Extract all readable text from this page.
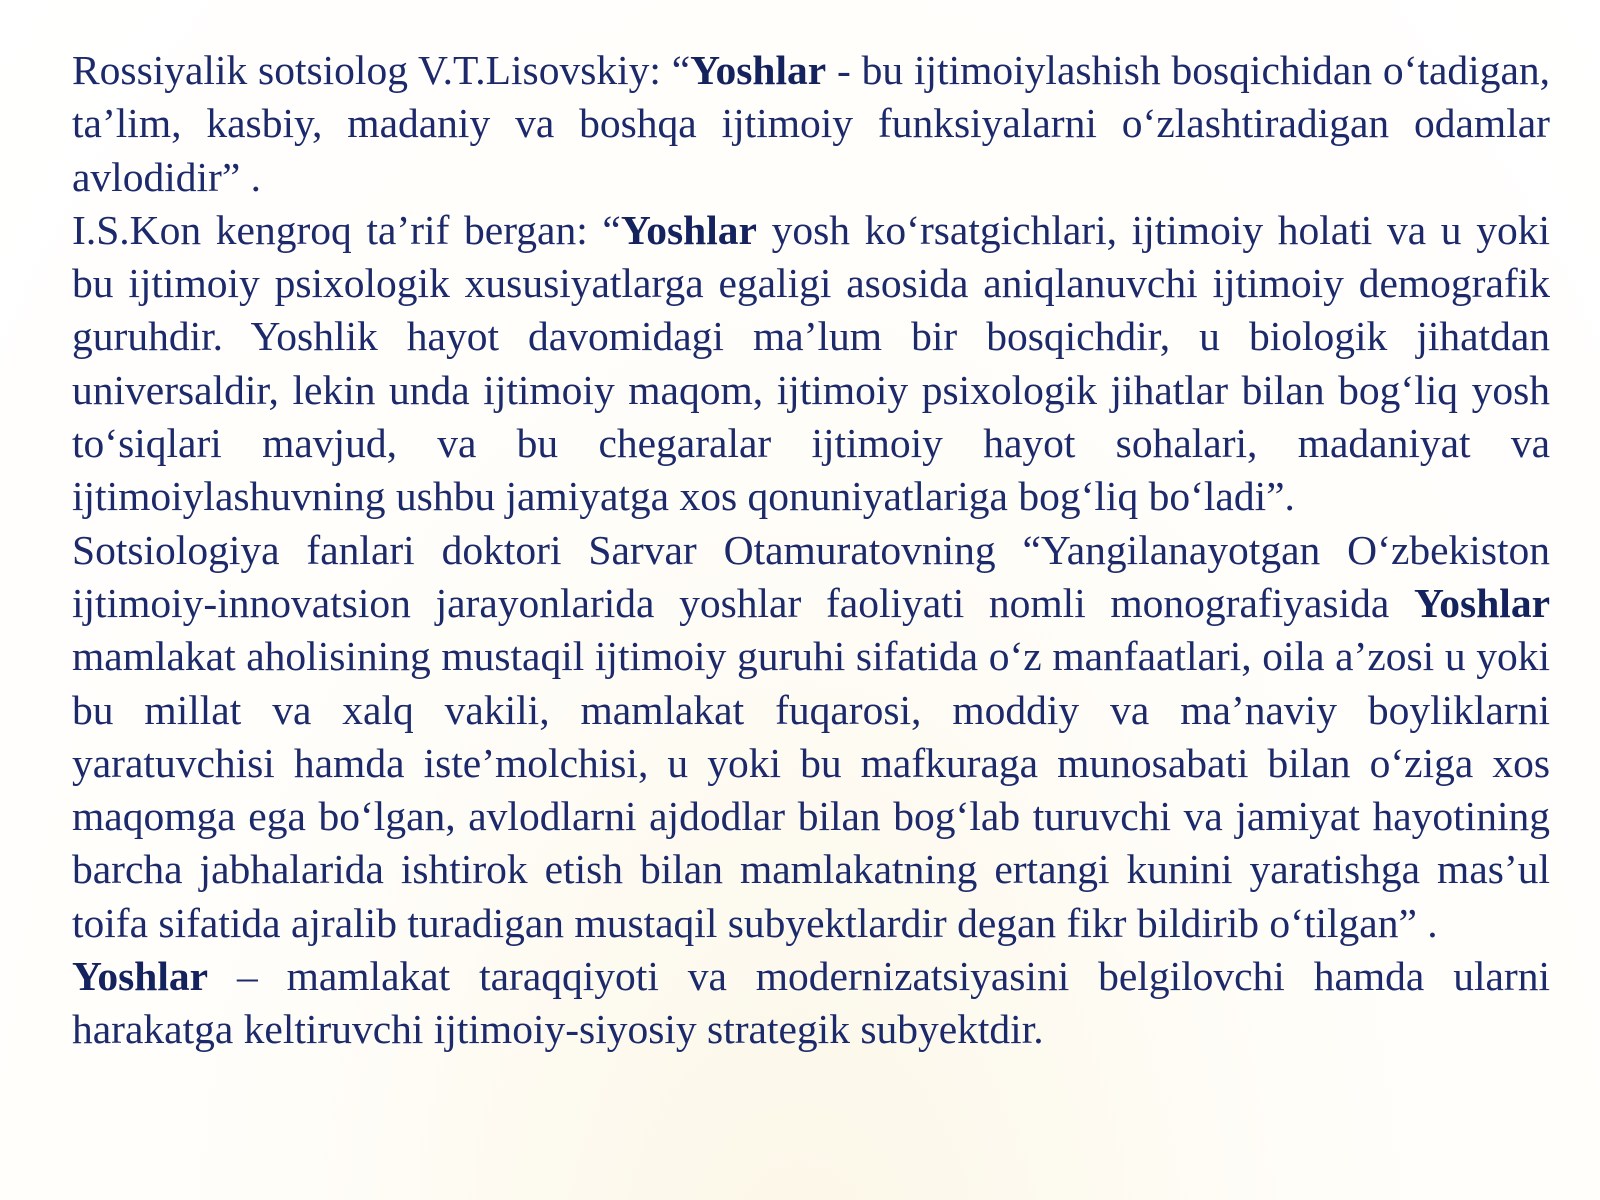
Rossiyalik sotsiolog V.T.Lisovskiy: “Yoshlar - bu ijtimoiylashish bosqichidan o‘tadigan, ta’lim, kasbiy, madaniy va boshqa ijtimoiy funksiyalarni o‘zlashtiradigan odamlar avlodidir” .

I.S.Kon kengroq ta’rif bergan: “Yoshlar yosh ko‘rsatgichlari, ijtimoiy holati va u yoki bu ijtimoiy psixologik xususiyatlarga egaligi asosida aniqlanuvchi ijtimoiy demografik guruhdir. Yoshlik hayot davomidagi ma’lum bir bosqichdir, u biologik jihatdan universaldir, lekin unda ijtimoiy maqom, ijtimoiy psixologik jihatlar bilan bog‘liq yosh to‘siqlari mavjud, va bu chegaralar ijtimoiy hayot sohalari, madaniyat va ijtimoiylashuvning ushbu jamiyatga xos qonuniyatlariga bog‘liq bo‘ladi”.

Sotsiologiya fanlari doktori Sarvar Otamuratovning “Yangilanayotgan O‘zbekiston ijtimoiy-innovatsion jarayonlarida yoshlar faoliyati nomli monografiyasida Yoshlar mamlakat aholisining mustaqil ijtimoiy guruhi sifatida o‘z manfaatlari, oila a’zosi u yoki bu millat va xalq vakili, mamlakat fuqarosi, moddiy va ma’naviy boyliklarni yaratuvchisi hamda iste’molchisi, u yoki bu mafkuraga munosabati bilan o‘ziga xos maqomga ega bo‘lgan, avlodlarni ajdodlar bilan bog‘lab turuvchi va jamiyat hayotining barcha jabhalarida ishtirok etish bilan mamlakatning ertangi kunini yaratishga mas’ul toifa sifatida ajralib turadigan mustaqil subyektlardir degan fikr bildirib o‘tilgan” .

Yoshlar – mamlakat taraqqiyoti va modernizatsiyasini belgilovchi hamda ularni harakatga keltiruvchi ijtimoiy-siyosiy strategik subyektdir.
